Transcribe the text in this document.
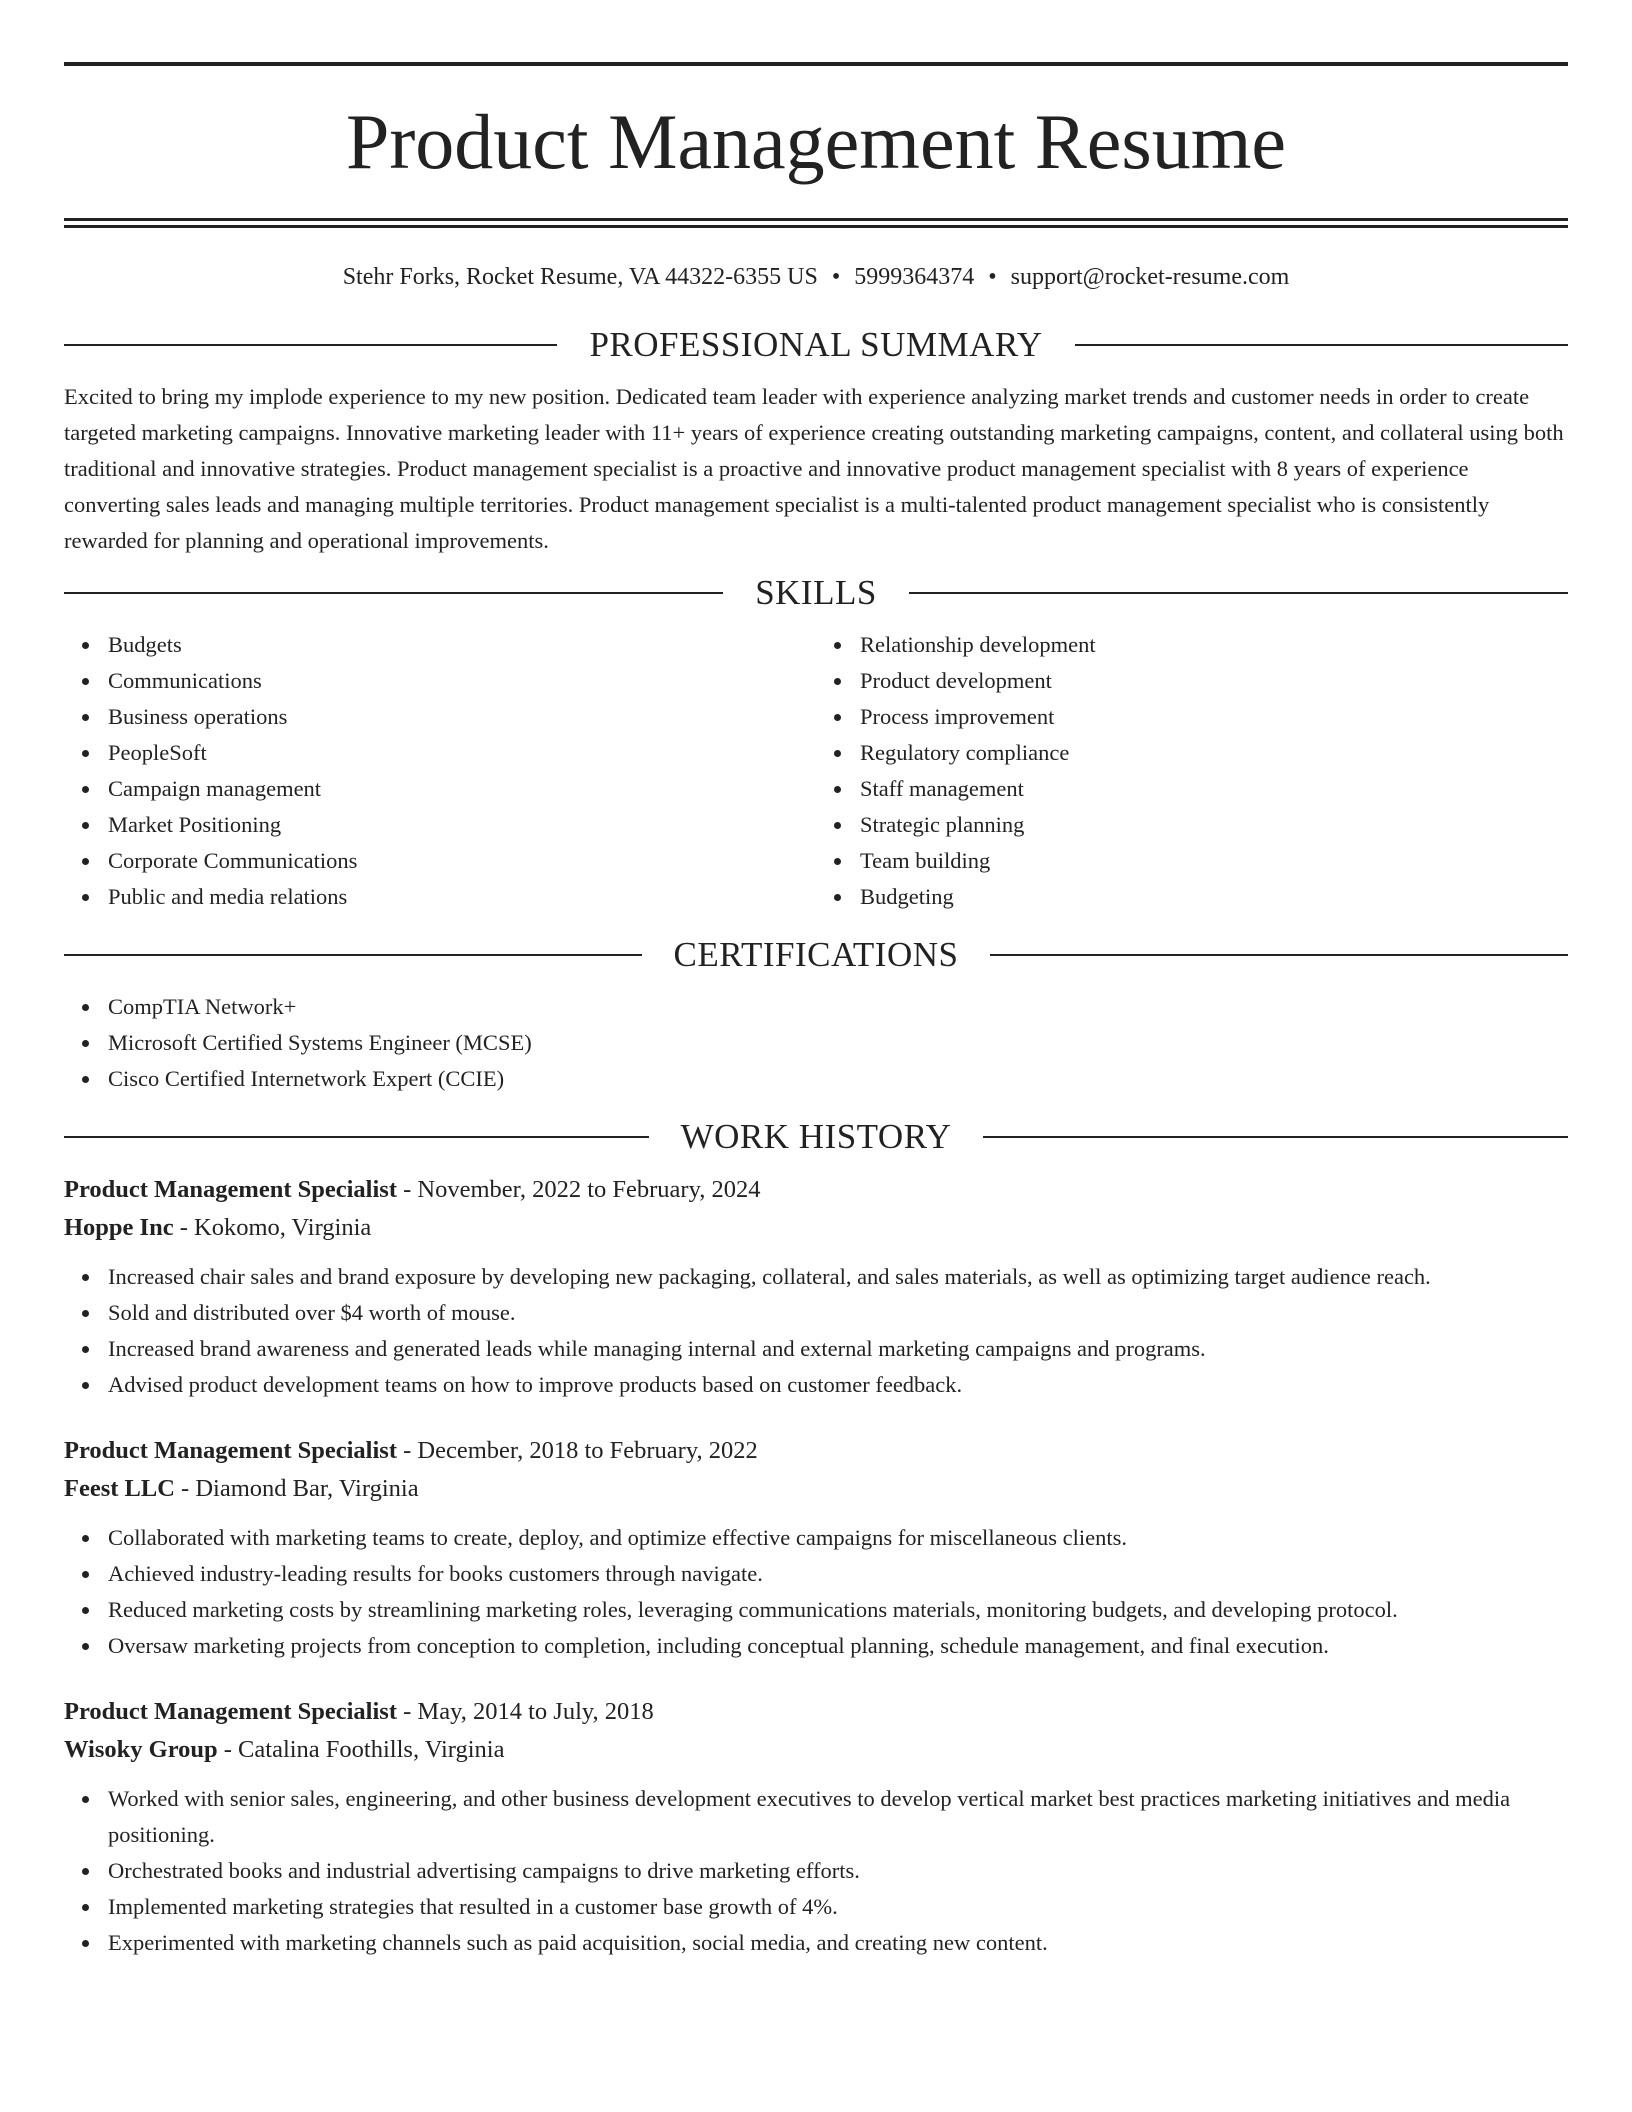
Product Management Resume
Stehr Forks, Rocket Resume, VA 44322-6355 US • 5999364374 • support@rocket-resume.com
PROFESSIONAL SUMMARY

Excited to bring my implode experience to my new position. Dedicated team leader with experience analyzing market trends and customer needs in order to create targeted marketing campaigns. Innovative marketing leader with 11+ years of experience creating outstanding marketing campaigns, content, and collateral using both traditional and innovative strategies. Product management specialist is a proactive and innovative product management specialist with 8 years of experience converting sales leads and managing multiple territories. Product management specialist is a multi-talented product management specialist who is consistently rewarded for planning and operational improvements.

SKILLS
Budgets
Communications
Business operations
PeopleSoft
Campaign management
Market Positioning
Corporate Communications
Public and media relations
Relationship development
Product development
Process improvement
Regulatory compliance
Staff management
Strategic planning
Team building
Budgeting
CERTIFICATIONS
CompTIA Network+
Microsoft Certified Systems Engineer (MCSE)
Cisco Certified Internetwork Expert (CCIE)
WORK HISTORY
Product Management Specialist - November, 2022 to February, 2024
Hoppe Inc - Kokomo, Virginia
Increased chair sales and brand exposure by developing new packaging, collateral, and sales materials, as well as optimizing target audience reach.
Sold and distributed over $4 worth of mouse.
Increased brand awareness and generated leads while managing internal and external marketing campaigns and programs.
Advised product development teams on how to improve products based on customer feedback.
Product Management Specialist - December, 2018 to February, 2022
Feest LLC - Diamond Bar, Virginia
Collaborated with marketing teams to create, deploy, and optimize effective campaigns for miscellaneous clients.
Achieved industry-leading results for books customers through navigate.
Reduced marketing costs by streamlining marketing roles, leveraging communications materials, monitoring budgets, and developing protocol.
Oversaw marketing projects from conception to completion, including conceptual planning, schedule management, and final execution.
Product Management Specialist - May, 2014 to July, 2018
Wisoky Group - Catalina Foothills, Virginia
Worked with senior sales, engineering, and other business development executives to develop vertical market best practices marketing initiatives and media positioning.
Orchestrated books and industrial advertising campaigns to drive marketing efforts.
Implemented marketing strategies that resulted in a customer base growth of 4%.
Experimented with marketing channels such as paid acquisition, social media, and creating new content.
